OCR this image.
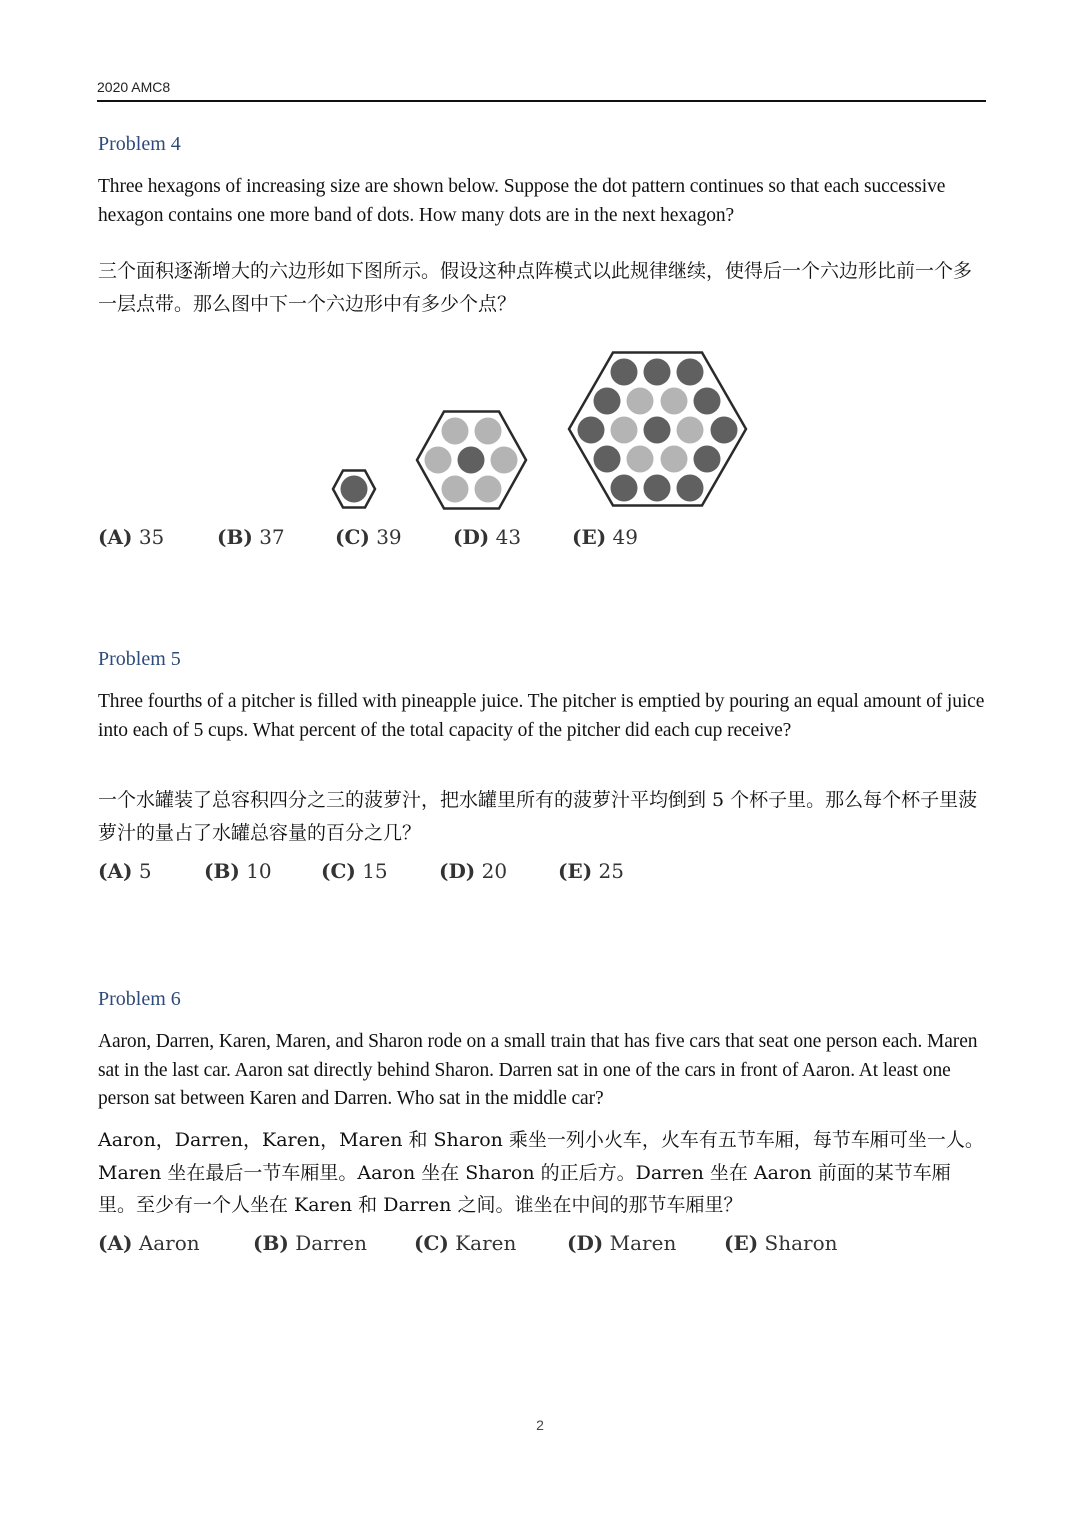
2020 AMC8
Problem 4
Three hexagons of increasing size are shown below. Suppose the dot pattern continues so that each successive hexagon contains one more band of dots. How many dots are in the next hexagon?
三个面积逐渐增大的六边形如下图所示。假设这种点阵模式以此规律继续，使得后一个六边形比前一个多一层点带。那么图中下一个六边形中有多少个点？
(A) 35	(B) 37	(C) 39	(D) 43	(E) 49
Problem 5
Three fourths of a pitcher is filled with pineapple juice. The pitcher is emptied by pouring an equal amount of juice into each of 5 cups. What percent of the total capacity of the pitcher did each cup receive?
一个水罐装了总容积四分之三的菠萝汁，把水罐里所有的菠萝汁平均倒到 5 个杯子里。那么每个杯子里菠萝汁的量占了水罐总容量的百分之几？
(A) 5	(B) 10 (C) 15	(D) 20	(E) 25
Problem 6
Aaron, Darren, Karen, Maren, and Sharon rode on a small train that has five cars that seat one person each. Maren sat in the last car. Aaron sat directly behind Sharon. Darren sat in one of the cars in front of Aaron. At least one person sat between Karen and Darren. Who sat in the middle car?
Aaron，Darren，Karen，Maren 和 Sharon 乘坐一列小火车，火车有五节车厢，每节车厢可坐一人。Maren 坐在最后一节车厢里。Aaron 坐在 Sharon 的正后方。Darren 坐在 Aaron 前面的某节车厢里。至少有一个人坐在 Karen 和 Darren 之间。谁坐在中间的那节车厢里？
(A) Aaron	(B) Darren (C) Karen	(D) Maren (E) Sharon
2
